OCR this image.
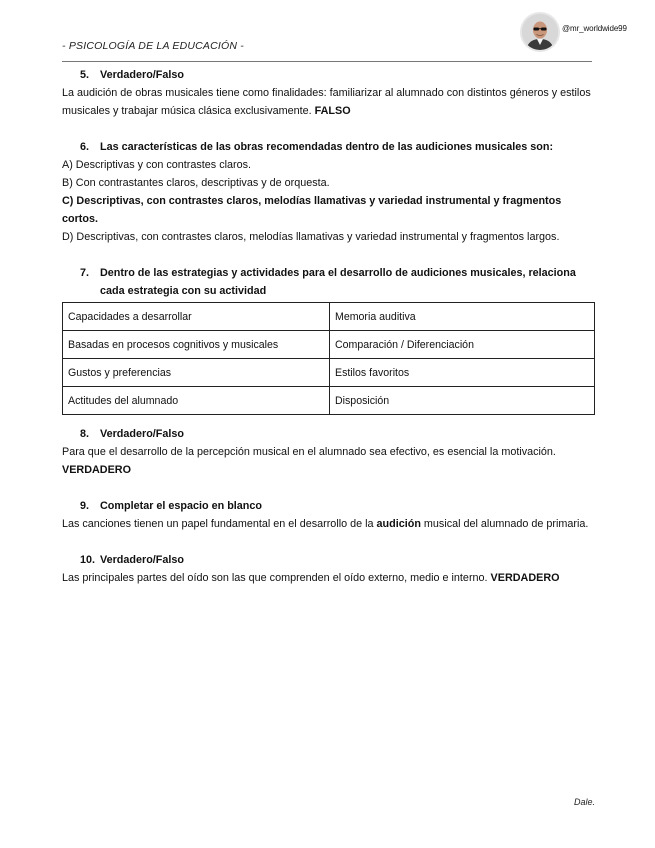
- PSICOLOGÍA DE LA EDUCACIÓN -
@mr_worldwide99
5.	Verdadero/Falso

La audición de obras musicales tiene como finalidades: familiarizar al alumnado con distintos géneros y estilos musicales y trabajar música clásica exclusivamente. FALSO

6.	Las características de las obras recomendadas dentro de las audiciones musicales son:

A) Descriptivas y con contrastes claros.

B) Con contrastantes claros, descriptivas y de orquesta.

C) Descriptivas, con contrastes claros, melodías llamativas y variedad instrumental y fragmentos cortos.

D) Descriptivas, con contrastes claros, melodías llamativas y variedad instrumental y fragmentos largos.

7.	Dentro de las estrategias y actividades para el desarrollo de audiciones musicales, relaciona cada estrategia con su actividad
Capacidades a desarrollar	Memoria auditiva
Basadas en procesos cognitivos y musicales	Comparación / Diferenciación
Gustos y preferencias	Estilos favoritos
Actitudes del alumnado	Disposición
8.	Verdadero/Falso

Para que el desarrollo de la percepción musical en el alumnado sea efectivo, es esencial la motivación.

VERDADERO

9.	Completar el espacio en blanco

Las canciones tienen un papel fundamental en el desarrollo de la audición musical del alumnado de primaria.

10. Verdadero/Falso

Las principales partes del oído son las que comprenden el oído externo, medio e interno. VERDADERO

Dale.
